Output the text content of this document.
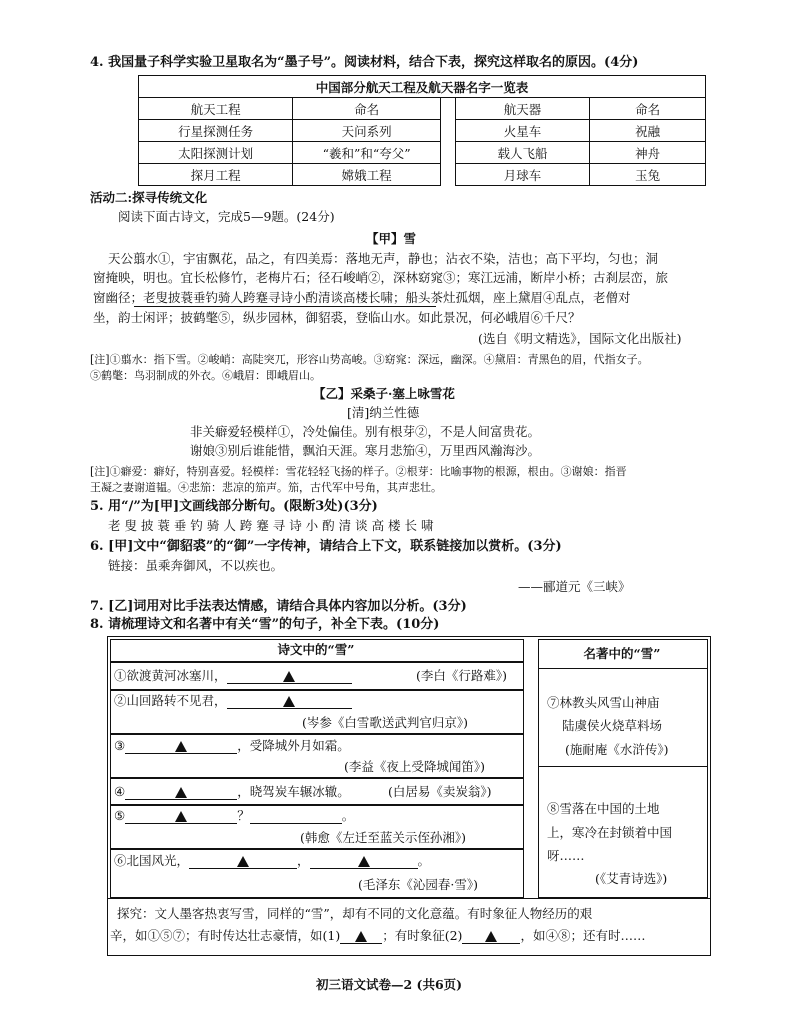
4. 我国量子科学实验卫星取名为“墨子号”。阅读材料，结合下表，探究这样取名的原因。(4分)
中国部分航天工程及航天器名字一览表				
航天工程	命名		航天器	命名
行星探测任务	天问系列		火星车	祝融
太阳探测计划	“羲和”和“夸父”		载人飞船	神舟
探月工程	嫦娥工程		月球车	玉兔
活动二:探寻传统文化
阅读下面古诗文，完成5—9题。(24分)
【甲】雪
天公翦水①，宇宙飘花，品之，有四美焉：落地无声，静也；沾衣不染，洁也；高下平均，匀也；洞
窗掩映，明也。宜长松修竹，老梅片石；径石峻峭②，深林窈窕③；寒江远浦，断岸小桥；古刹层峦，旅
窗幽径；老叟披蓑垂钓骑人跨蹇寻诗小酌清谈高楼长啸；船头茶灶孤烟，座上黛眉④乱点，老僧对
坐，韵士闲评；披鹤氅⑤，纵步园林，御貂裘，登临山水。如此景况，何必峨眉⑥千尺？
(选自《明文精选》，国际文化出版社)
[注]①翦水：指下雪。②峻峭：高陡突兀，形容山势高峻。③窈窕：深远，幽深。④黛眉：青黑色的眉，代指女子。
⑤鹤氅：鸟羽制成的外衣。⑥峨眉：即峨眉山。
【乙】采桑子·塞上咏雪花
[清]纳兰性德
非关癖爱轻模样①，冷处偏佳。别有根芽②，不是人间富贵花。
谢娘③别后谁能惜，飘泊天涯。寒月悲笳④，万里西风瀚海沙。
[注]①癖爱：癖好，特别喜爱。轻模样：雪花轻轻飞扬的样子。②根芽：比喻事物的根源，根由。③谢娘：指晋
王凝之妻谢道韫。④悲笳：悲凉的笳声。笳，古代军中号角，其声悲壮。
5. 用“/”为[甲]文画线部分断句。(限断3处)(3分)
老 叟 披 蓑 垂 钓 骑 人 跨 蹇 寻 诗 小 酌 清 谈 高 楼 长 啸
6. [甲]文中“御貂裘”的“御”一字传神，请结合上下文，联系链接加以赏析。(3分)
链接：虽乘奔御风，不以疾也。
——郦道元《三峡》
7. [乙]词用对比手法表达情感，请结合具体内容加以分析。(3分)
8. 请梳理诗文和名著中有关“雪”的句子，补全下表。(10分)
诗文中的“雪”
①欲渡黄河冰塞川，	(李白《行路难》)
②山回路转不见君，
(岑参《白雪歌送武判官归京》)
③	，受降城外月如霜。
(李益《夜上受降城闻笛》)
④	，晓驾炭车辗冰辙。	(白居易《卖炭翁》)
⑤	？	。
(韩愈《左迁至蓝关示侄孙湘》)
⑥北国风光，	，	。
(毛泽东《沁园春·雪》)
名著中的“雪”
⑦林教头风雪山神庙
陆虞侯火烧草料场
(施耐庵《水浒传》)
⑧雪落在中国的土地
上，寒冷在封锁着中国
呀……
(《艾青诗选》)
探究：文人墨客热衷写雪，同样的“雪”，却有不同的文化意蕴。有时象征人物经历的艰
辛，如①⑤⑦；有时传达壮志豪情，如(1)	；有时象征(2)	，如④⑧；还有时……
初三语文试卷—2 (共6页)
